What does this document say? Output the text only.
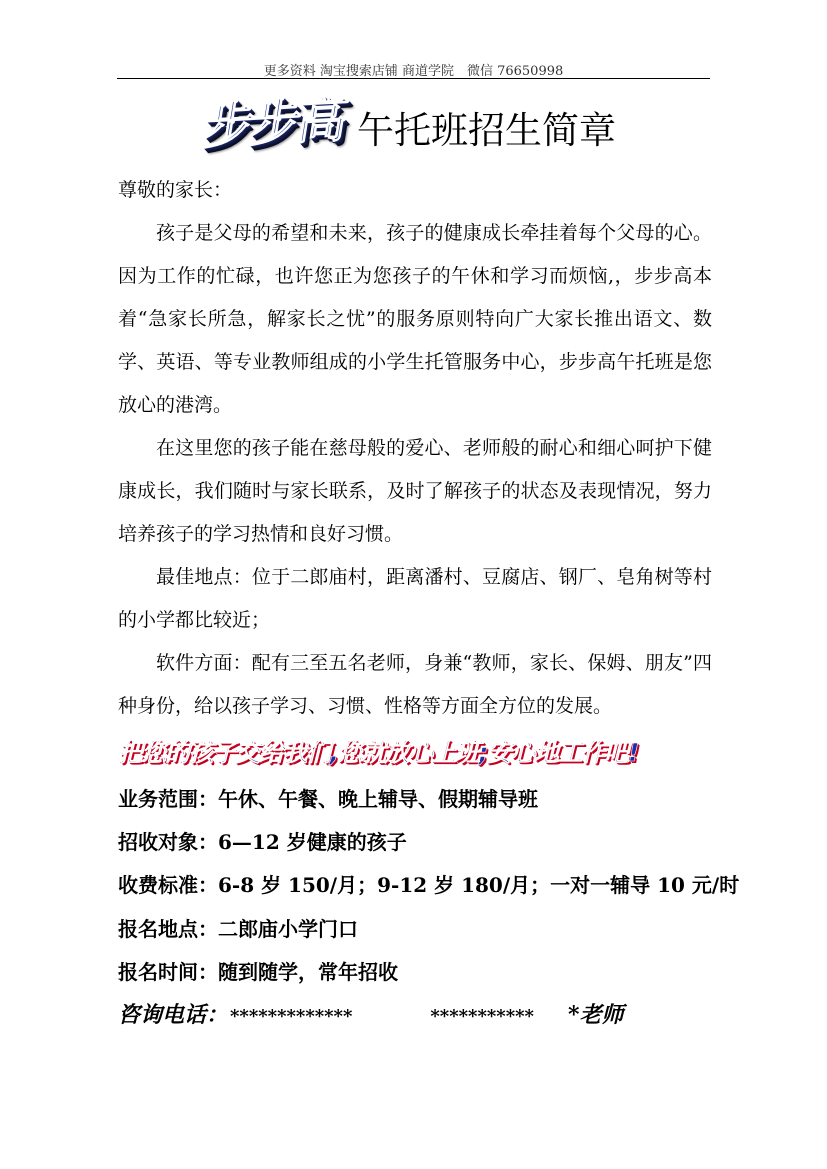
更多资料 淘宝搜索店铺 商道学院　微信 76650998
步步高 午托班招生简章
尊敬的家长：

孩子是父母的希望和未来，孩子的健康成长牵挂着每个父母的心。因为工作的忙碌，也许您正为您孩子的午休和学习而烦恼,，步步高本着“急家长所急，解家长之忧”的服务原则特向广大家长推出语文、数学、英语、等专业教师组成的小学生托管服务中心，步步高午托班是您放心的港湾。

在这里您的孩子能在慈母般的爱心、老师般的耐心和细心呵护下健康成长，我们随时与家长联系，及时了解孩子的状态及表现情况，努力培养孩子的学习热情和良好习惯。

最佳地点：位于二郎庙村，距离潘村、豆腐店、钢厂、皂角树等村的小学都比较近；

软件方面：配有三至五名老师，身兼“教师，家长、保姆、朋友”四种身份，给以孩子学习、习惯、性格等方面全方位的发展。

把您的孩子交给我们,您就放心上班;安心地工作吧!
业务范围：午休、午餐、晚上辅导、假期辅导班
招收对象：6—12 岁健康的孩子
收费标准：6-8 岁 150/月；9-12 岁 180/月；一对一辅导 10 元/时
报名地点：二郎庙小学门口
报名时间：随到随学，常年招收
咨询电话： *************	*********** *老师
